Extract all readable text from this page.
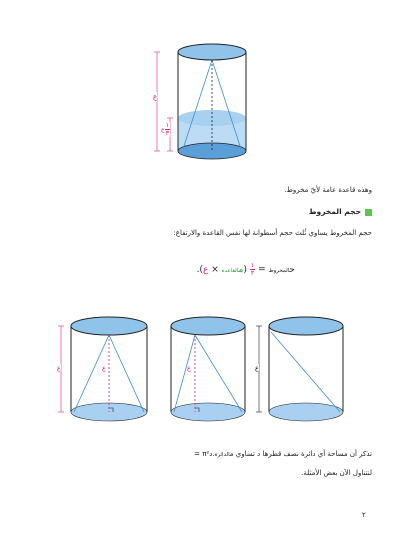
ع
ع $\frac{١}{٣}$
وهذه قاعدة عامة لأيّ مخروط.
حجم المخروط
حجم المخروط يساوي ثُلث حجم أسطوانة لها نفس القاعدة والارتفاع:
حالمخروط =
$\frac{١}{٣}$
(مالقاعدة × ع).
ع	ع	ع	ع
تذكر أن مساحة أي دائرة نصف قطرها د تساوي مالدائرة = πد².
لنتناول الآن بعض الأمثلة.
٢
